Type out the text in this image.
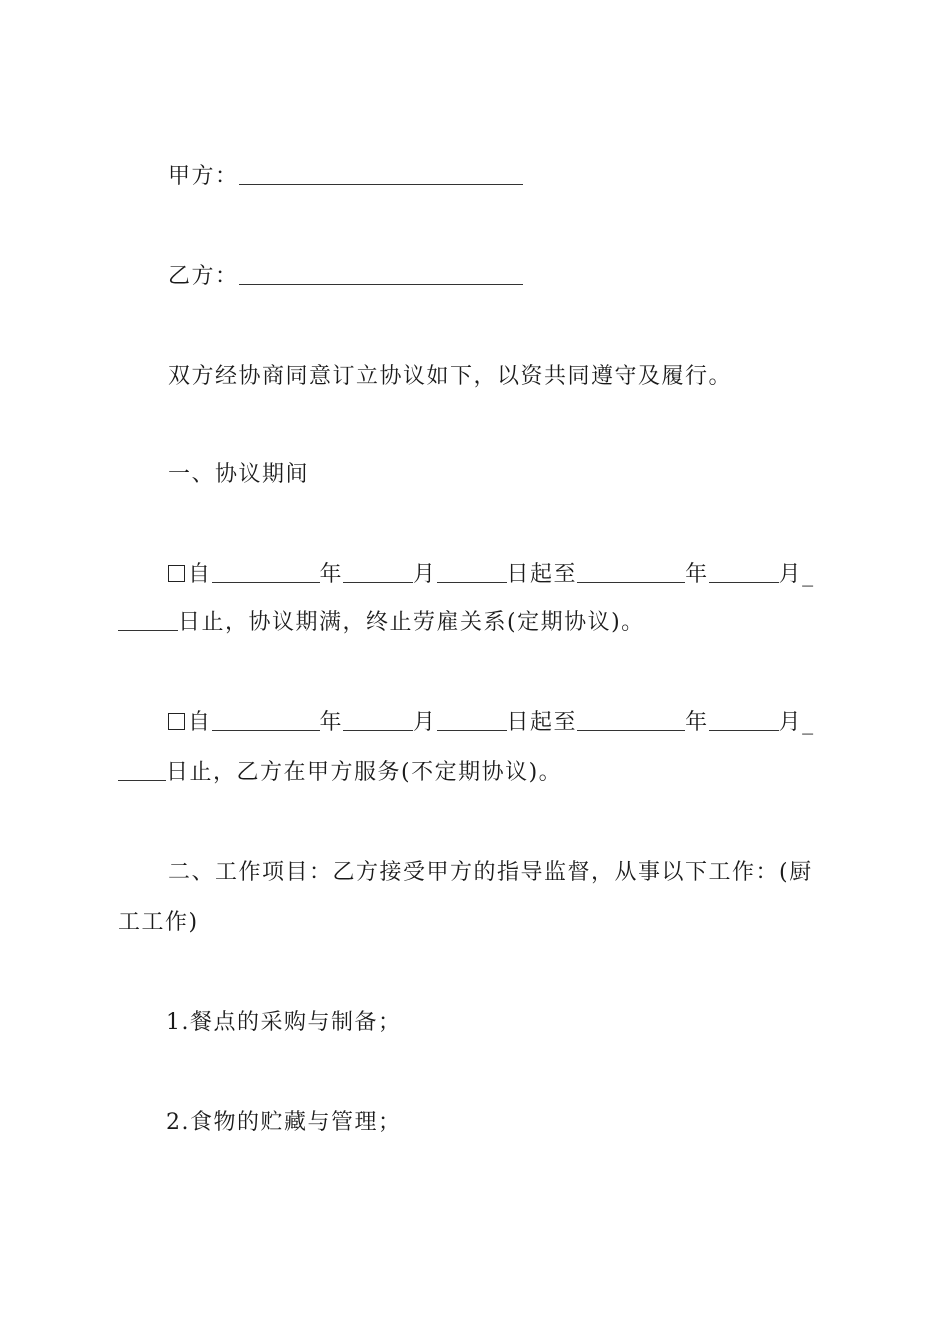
甲方：
乙方：
双方经协商同意订立协议如下，以资共同遵守及履行。
一、协议期间
自	年	月	日起至	年	月_
日止，协议期满，终止劳雇关系(定期协议)。
自	年	月	日起至	年	月_
日止，乙方在甲方服务(不定期协议)。
二、工作项目：乙方接受甲方的指导监督，从事以下工作：(厨
工工作)
1.餐点的采购与制备；
2.食物的贮藏与管理；
